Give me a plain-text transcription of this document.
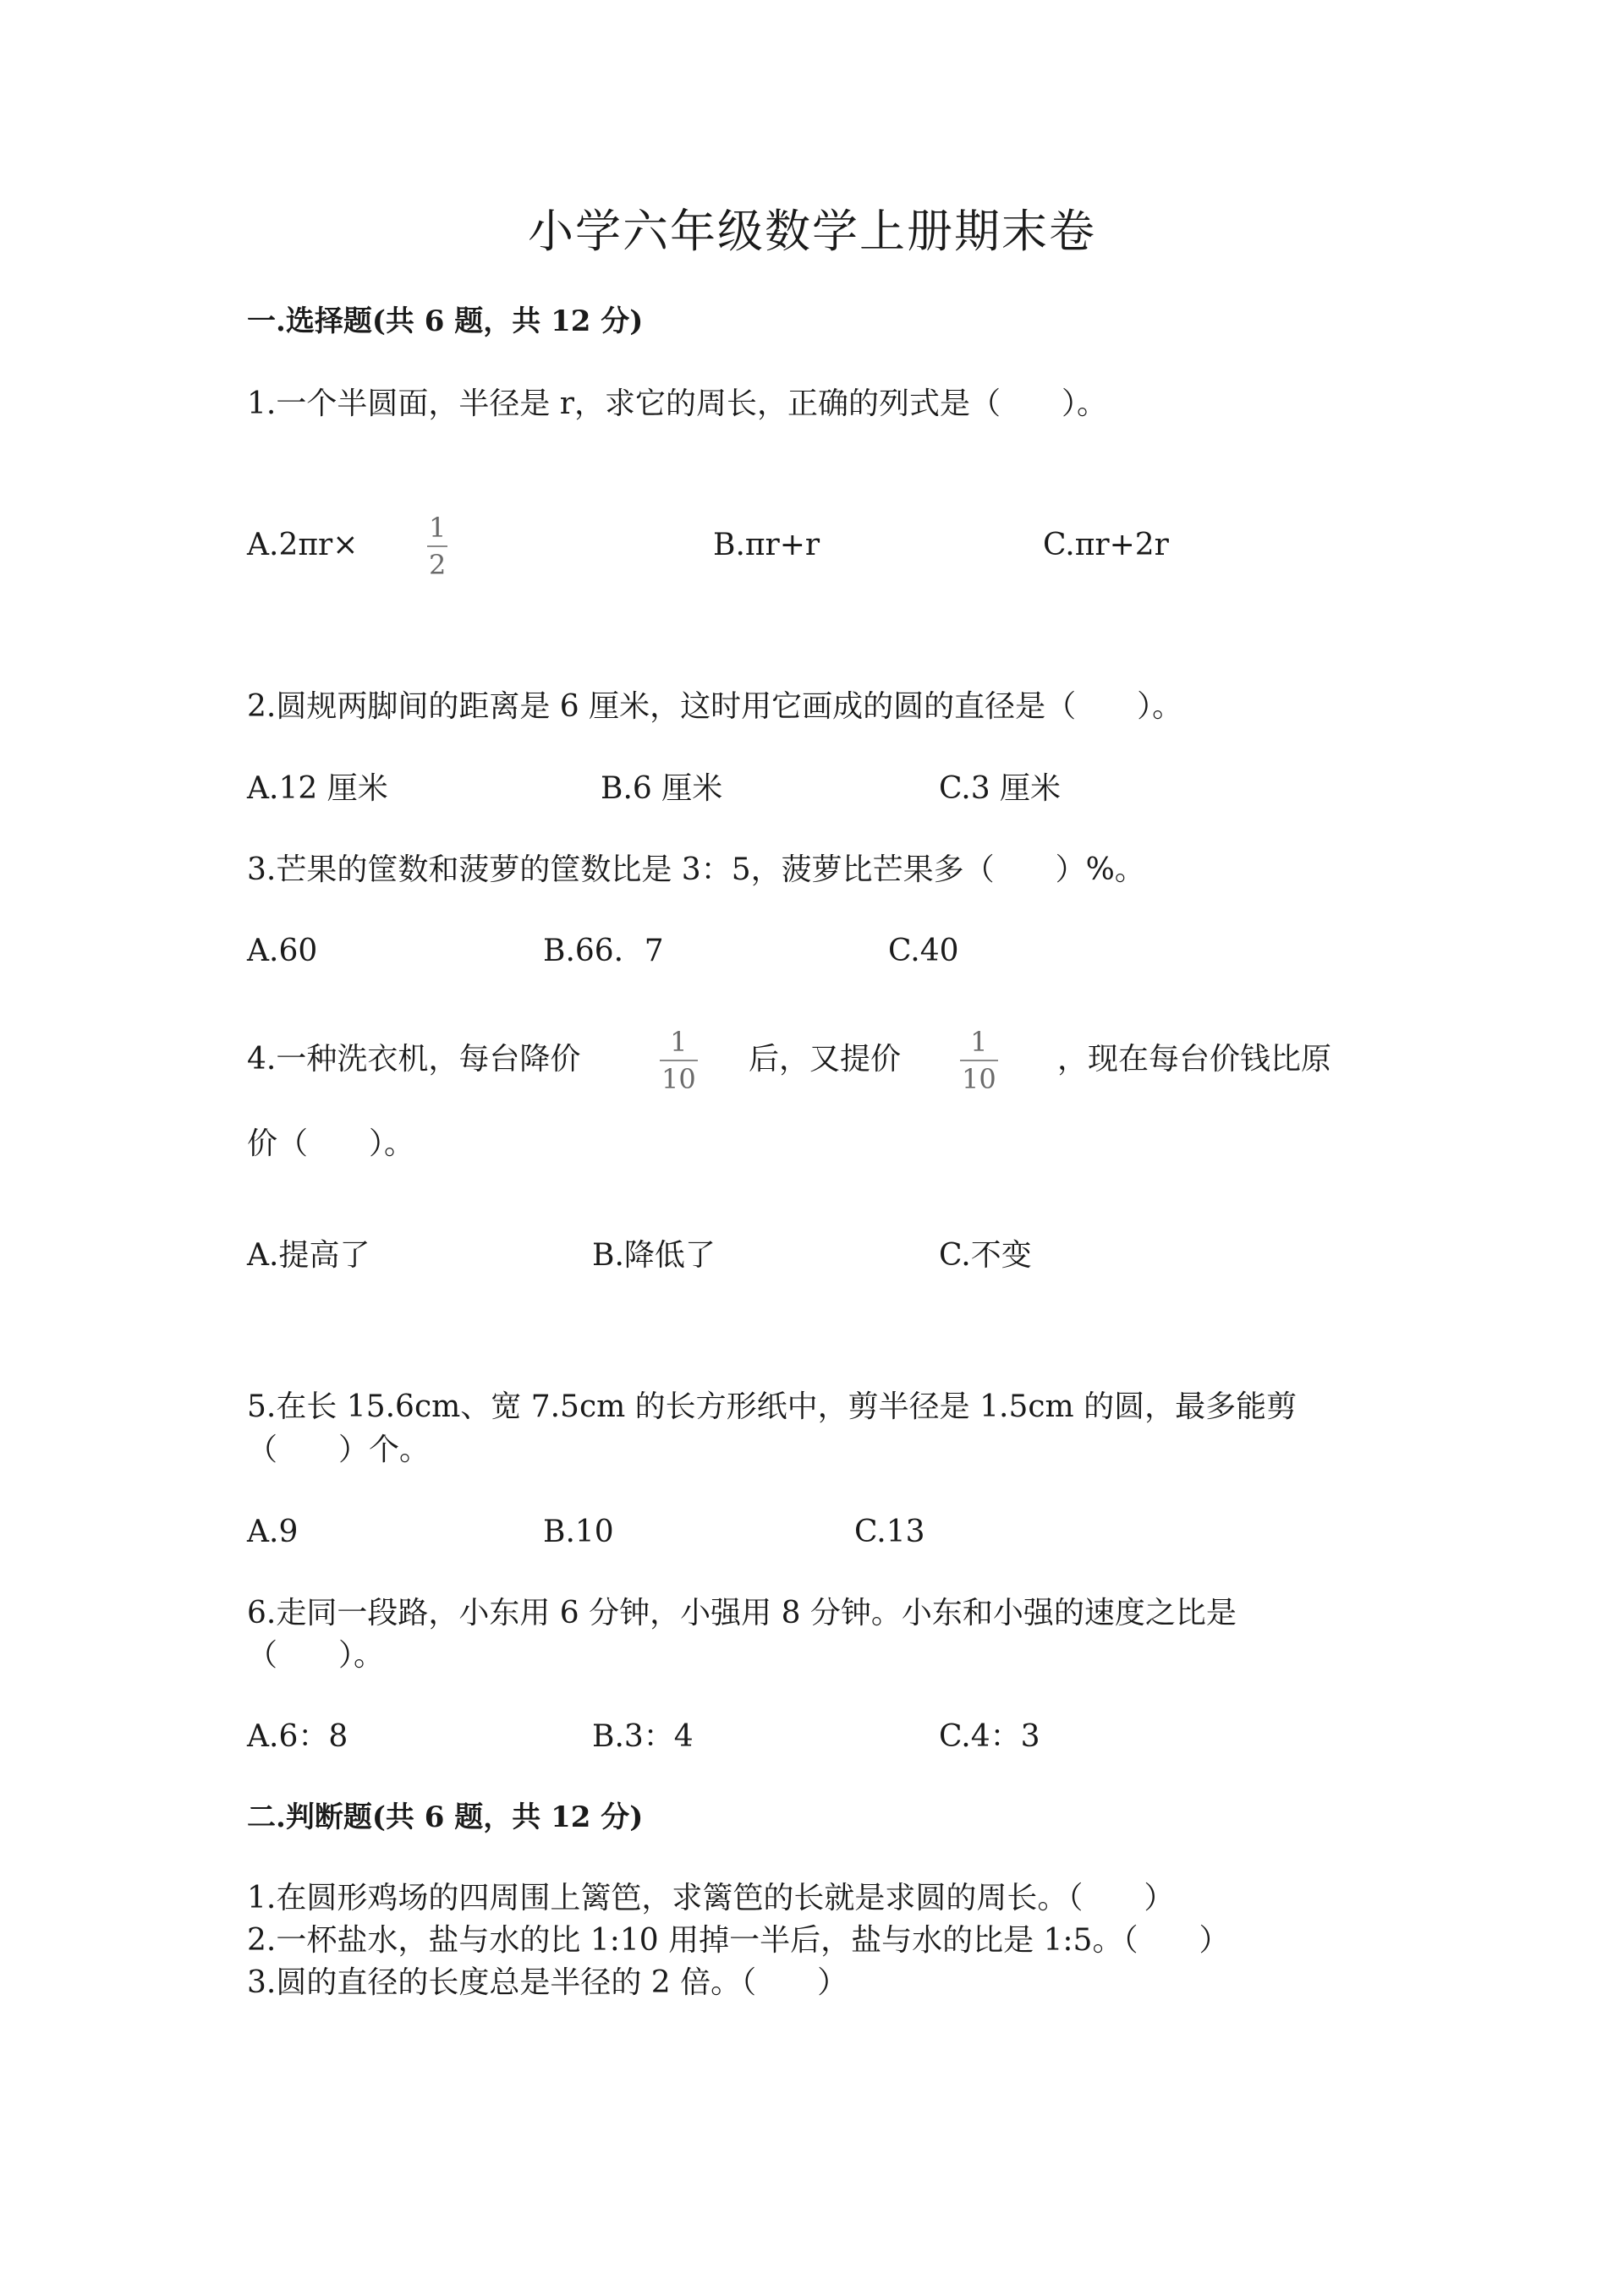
小学六年级数学上册期末卷
一.选择题(共 6 题，共 12 分)
1.一个半圆面，半径是 r，求它的周长，正确的列式是（　　）。
A.2πr×	1
2
B.πr+r	C.πr+2r
2.圆规两脚间的距离是 6 厘米，这时用它画成的圆的直径是（　　）。
A.12 厘米	B.6 厘米	C.3 厘米
3.芒果的筐数和菠萝的筐数比是 3：5，菠萝比芒果多（　　）%。
A.60	B.66．7	C.40
4.一种洗衣机，每台降价	1
10
后，又提价	1
10
，现在每台价钱比原
价（　　）。
A.提高了	B.降低了	C.不变
5.在长 15.6cm、宽 7.5cm 的长方形纸中，剪半径是 1.5cm 的圆，最多能剪
（　　）个。
A.9	B.10	C.13
6.走同一段路，小东用 6 分钟，小强用 8 分钟。小东和小强的速度之比是
（　　）。
A.6：8	B.3：4	C.4：3
二.判断题(共 6 题，共 12 分)
1.在圆形鸡场的四周围上篱笆，求篱笆的长就是求圆的周长。（　　）
2.一杯盐水，盐与水的比 1:10 用掉一半后，盐与水的比是 1:5。（　　）
3.圆的直径的长度总是半径的 2 倍。（　　）
